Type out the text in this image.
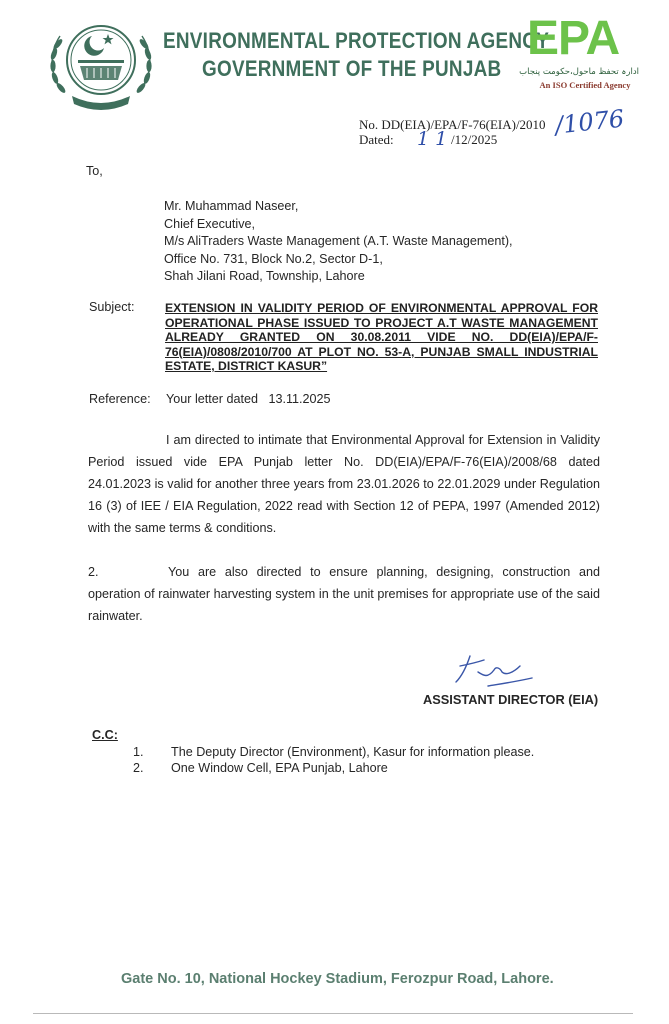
ENVIRONMENTAL PROTECTION AGENCY
GOVERNMENT OF THE PUNJAB
EPA
ادارہ تحفظ ماحول،حکومت پنجاب
An ISO Certified Agency
No. DD(EIA)/EPA/F-76(EIA)/2010 /1076
Dated: 11
/12/2025
To,
Mr. Muhammad Naseer,
Chief Executive,
M/s AliTraders Waste Management (A.T. Waste Management),
Office No. 731, Block No.2, Sector D-1,
Shah Jilani Road, Township, Lahore
Subject: EXTENSION IN VALIDITY PERIOD OF ENVIRONMENTAL APPROVAL FOR OPERATIONAL PHASE ISSUED TO PROJECT A.T WASTE MANAGEMENT ALREADY GRANTED ON 30.08.2011 VIDE NO. DD(EIA)/EPA/F-76(EIA)/0808/2010/700 AT PLOT NO. 53-A, PUNJAB SMALL INDUSTRIAL ESTATE, DISTRICT KASUR”
Reference: Your letter dated   13.11.2025
I am directed to intimate that Environmental Approval for Extension in Validity Period issued vide EPA Punjab letter No. DD(EIA)/EPA/F-76(EIA)/2008/68 dated 24.01.2023 is valid for another three years from 23.01.2026 to 22.01.2029 under Regulation 16 (3) of IEE / EIA Regulation, 2022 read with Section 12 of PEPA, 1997 (Amended 2012) with the same terms & conditions.
2.	You are also directed to ensure planning, designing, construction and operation of rainwater harvesting system in the unit premises for appropriate use of the said rainwater.
ASSISTANT DIRECTOR (EIA)
C.C:
1. The Deputy Director (Environment), Kasur for information please.
2. One Window Cell, EPA Punjab, Lahore
Gate No. 10, National Hockey Stadium, Ferozpur Road, Lahore.
